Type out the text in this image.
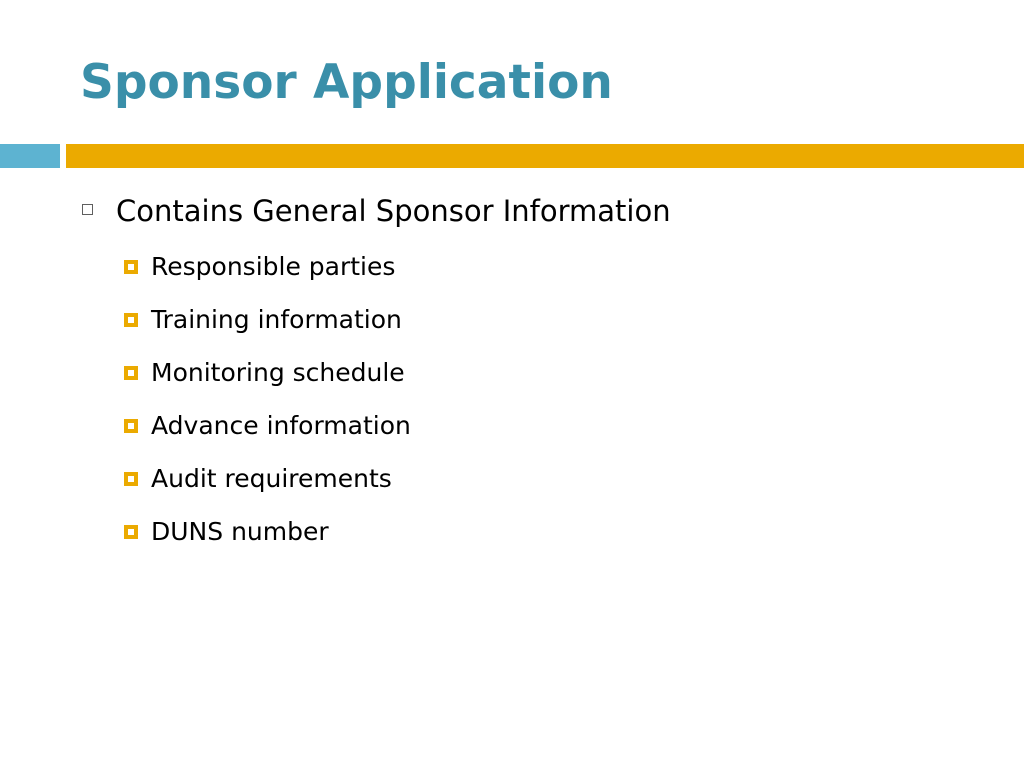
Sponsor Application
Contains General Sponsor Information
Responsible parties
Training information
Monitoring schedule
Advance information
Audit requirements
DUNS number
